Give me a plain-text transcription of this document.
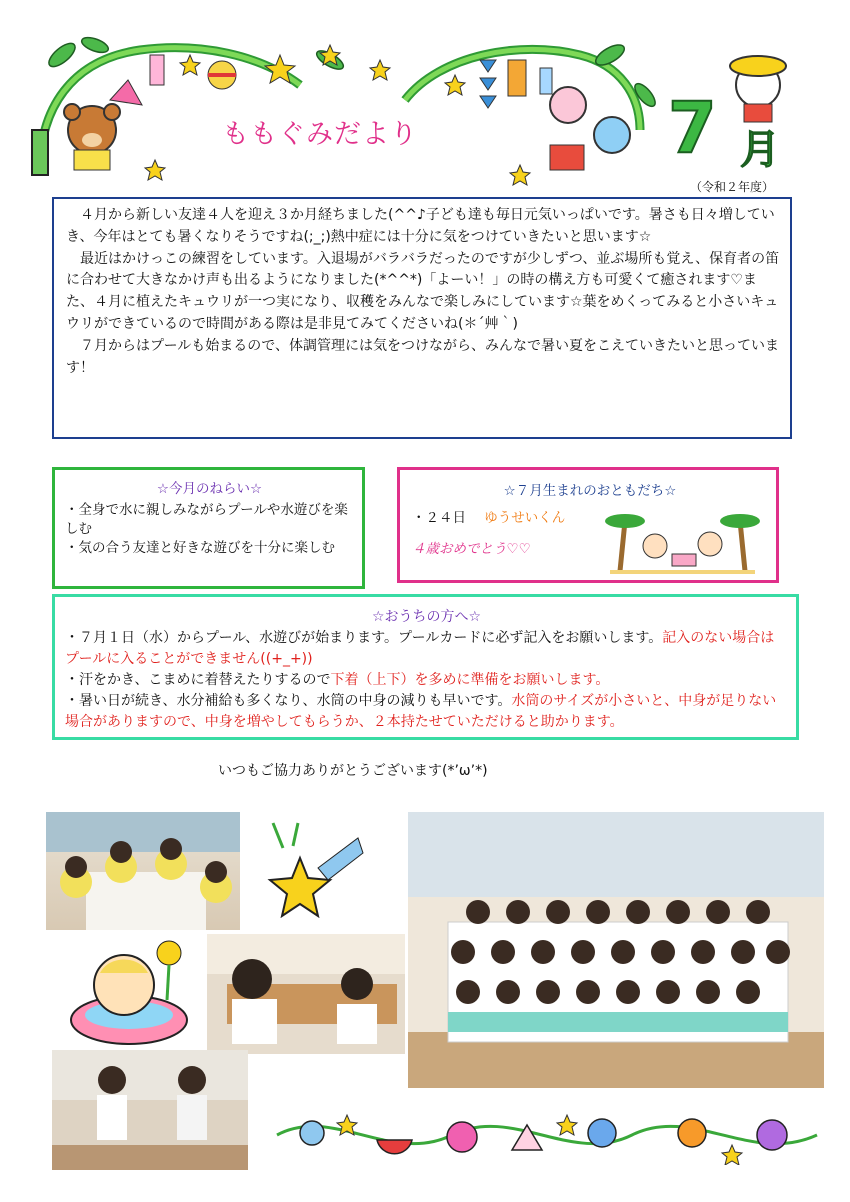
7 月
ももぐみだより
（令和２年度）

４月から新しい友達４人を迎え３か月経ちました(^^♪子ども達も毎日元気いっぱいです。暑さも日々増していき、今年はとても暑くなりそうですね(;_;)熱中症には十分に気をつけていきたいと思います☆

最近はかけっこの練習をしています。入退場がバラバラだったのですが少しずつ、並ぶ場所も覚え、保育者の笛に合わせて大きなかけ声も出るようになりました(*^^*)「よーい！」の時の構え方も可愛くて癒されます♡また、４月に植えたキュウリが一つ実になり、収穫をみんなで楽しみにしています☆葉をめくってみると小さいキュウリができているので時間がある際は是非見てみてくださいね(＊´艸｀)

７月からはプールも始まるので、体調管理には気をつけながら、みんなで暑い夏をこえていきたいと思っています！

☆今月のねらい☆
・全身で水に親しみながらプールや水遊びを楽しむ
・気の合う友達と好きな遊びを十分に楽しむ
☆７月生まれのおともだち☆
・２４日 ゆうせいくん
４歳おめでとう♡♡
☆おうちの方へ☆
・７月１日（水）からプール、水遊びが始まります。プールカードに必ず記入をお願いします。記入のない場合はプールに入ることができません((+_+))
・汗をかき、こまめに着替えたりするので下着（上下）を多めに準備をお願いします。
・暑い日が続き、水分補給も多くなり、水筒の中身の減りも早いです。水筒のサイズが小さいと、中身が足りない場合がありますので、中身を増やしてもらうか、２本持たせていただけると助かります。
いつもご協力ありがとうございます(*’ω’*)
